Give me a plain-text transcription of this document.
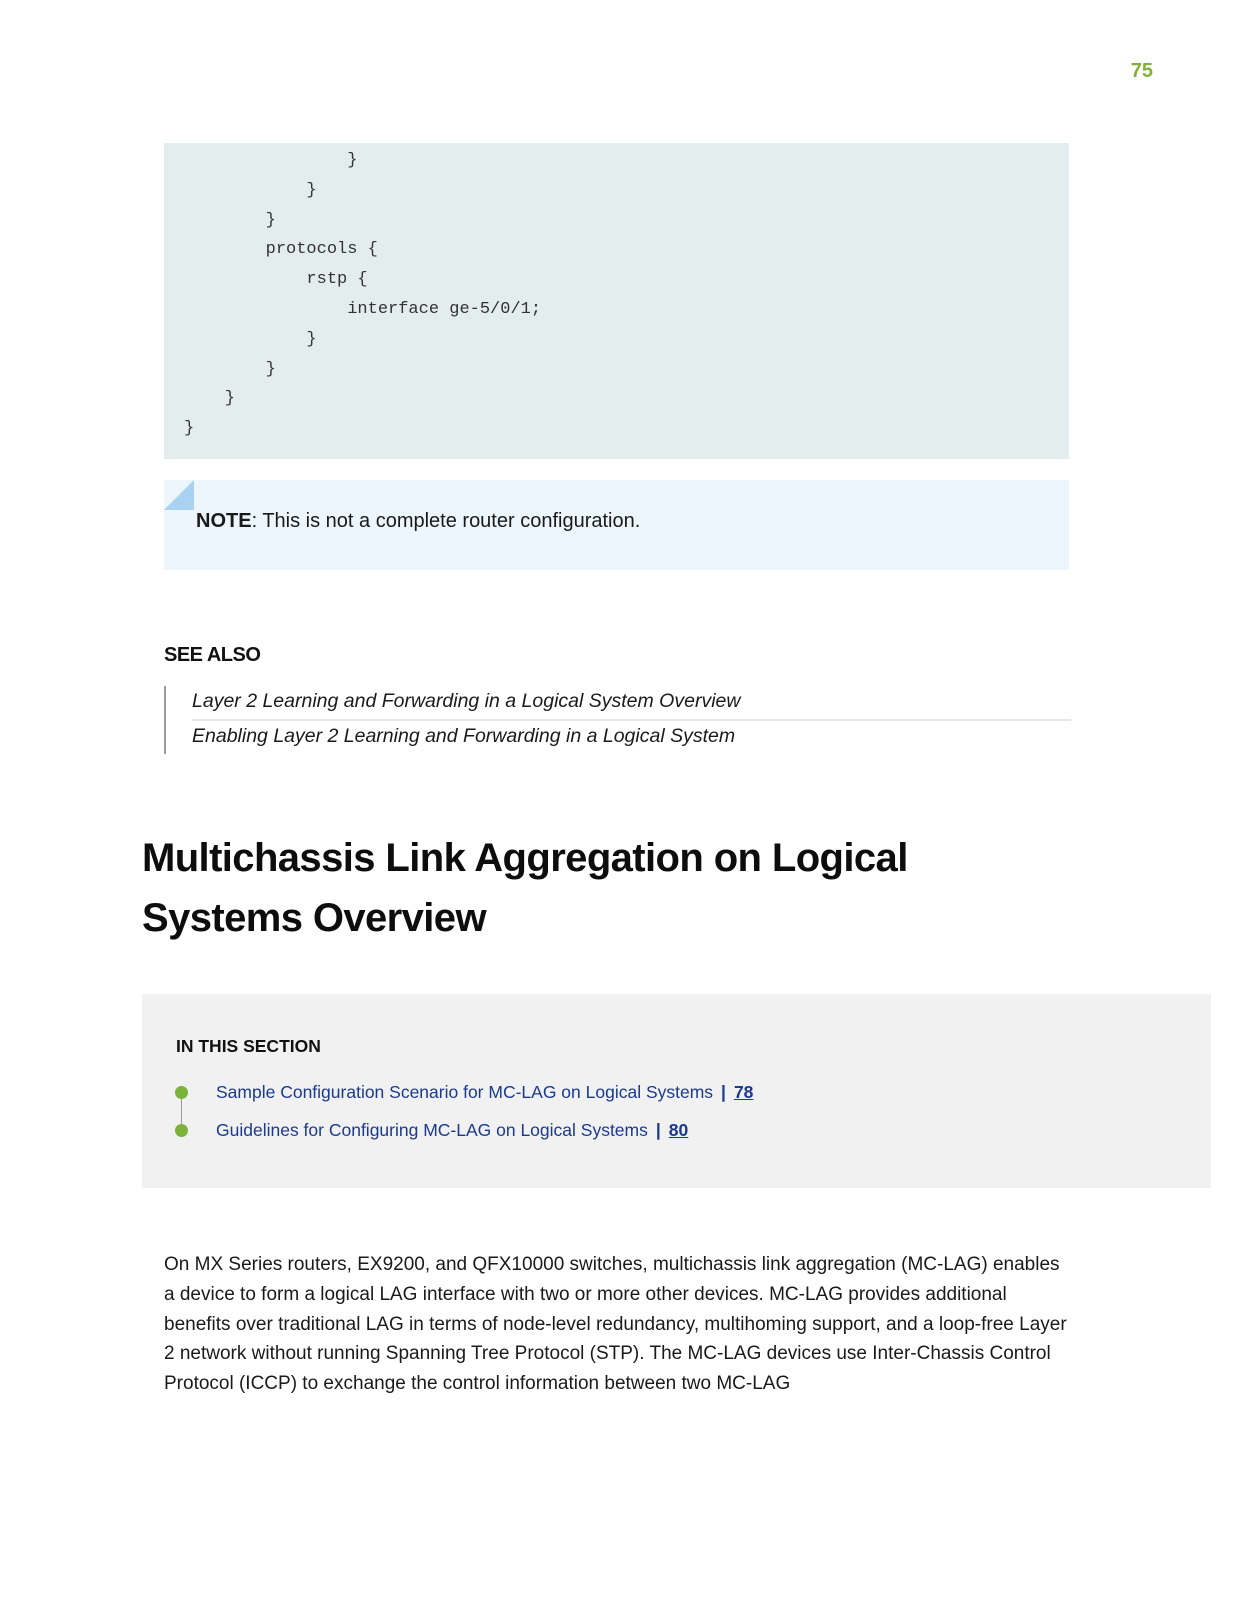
75
}
}
}
protocols {
rstp {
interface ge-5/0/1;
}
}
}
}
NOTE: This is not a complete router configuration.
SEE ALSO
Layer 2 Learning and Forwarding in a Logical System Overview
Enabling Layer 2 Learning and Forwarding in a Logical System
Multichassis Link Aggregation on Logical Systems Overview
IN THIS SECTION
Sample Configuration Scenario for MC-LAG on Logical Systems | 78
Guidelines for Configuring MC-LAG on Logical Systems | 80

On MX Series routers, EX9200, and QFX10000 switches, multichassis link aggregation (MC-LAG) enables a device to form a logical LAG interface with two or more other devices. MC-LAG provides additional benefits over traditional LAG in terms of node-level redundancy, multihoming support, and a loop-free Layer 2 network without running Spanning Tree Protocol (STP). The MC-LAG devices use Inter-Chassis Control Protocol (ICCP) to exchange the control information between two MC-LAG
